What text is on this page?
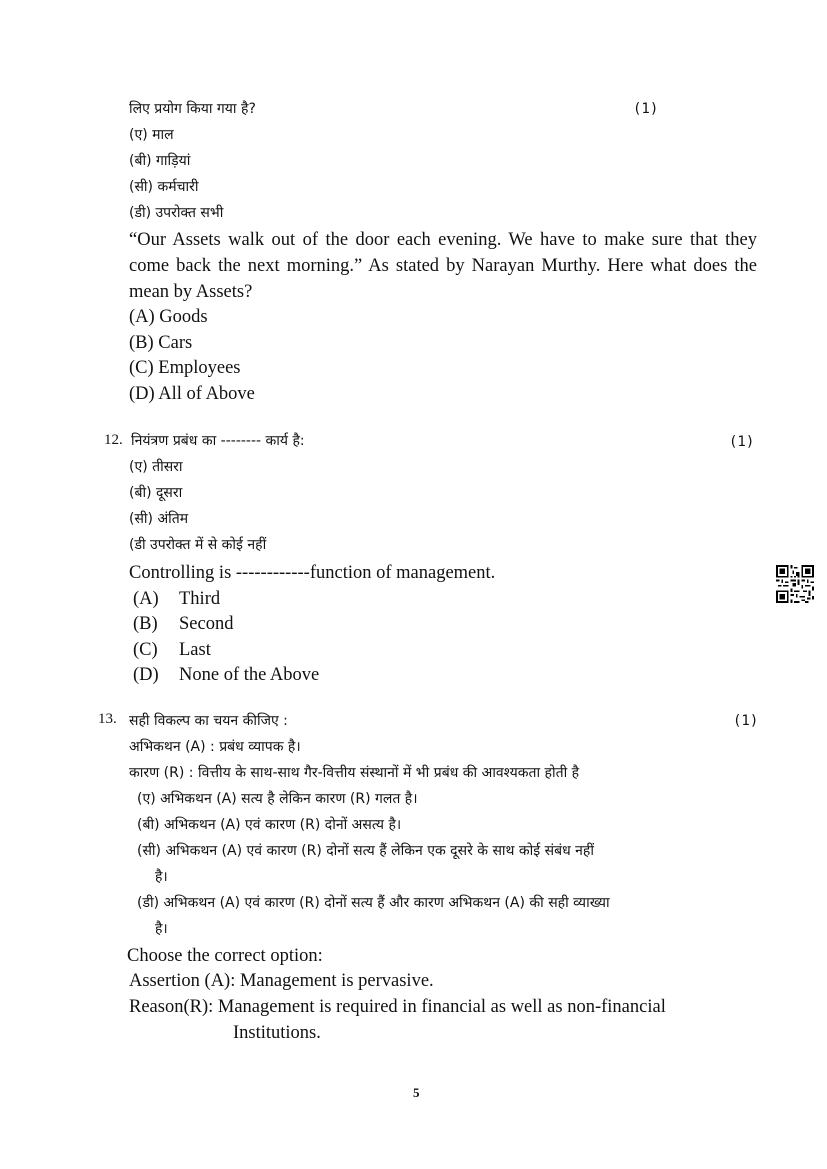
लिए प्रयोग किया गया है?	(1)
(ए) माल
(बी) गाड़ियां
(सी) कर्मचारी
(डी) उपरोक्त सभी
“Our Assets walk out of the door each evening. We have to make sure that they
come back the next morning.” As stated by Narayan Murthy. Here what does the
mean by Assets?
(A) Goods
(B) Cars
(C) Employees
(D) All of Above
12. नियंत्रण प्रबंध का -------- कार्य है:	(1)
(ए) तीसरा
(बी) दूसरा
(सी) अंतिम
(डी उपरोक्त में से कोई नहीं
Controlling is ------------function of management.
(A) Third
(B) Second
(C) Last
(D) None of the Above
13. सही विकल्प का चयन कीजिए :	(1)
अभिकथन (A) : प्रबंध व्यापक है।
कारण (R) : वित्तीय के साथ-साथ गैर-वित्तीय संस्थानों में भी प्रबंध की आवश्यकता होती है
(ए) अभिकथन (A) सत्य है लेकिन कारण (R) गलत है।
(बी) अभिकथन (A) एवं कारण (R) दोनों असत्य है।
(सी) अभिकथन (A) एवं कारण (R) दोनों सत्य हैं लेकिन एक दूसरे के साथ कोई संबंध नहीं
है।
(डी) अभिकथन (A) एवं कारण (R) दोनों सत्य हैं और कारण अभिकथन (A) की सही व्याख्या
है।
Choose the correct option:
Assertion (A): Management is pervasive.
Reason(R): Management is required in financial as well as non-financial
Institutions.
5
